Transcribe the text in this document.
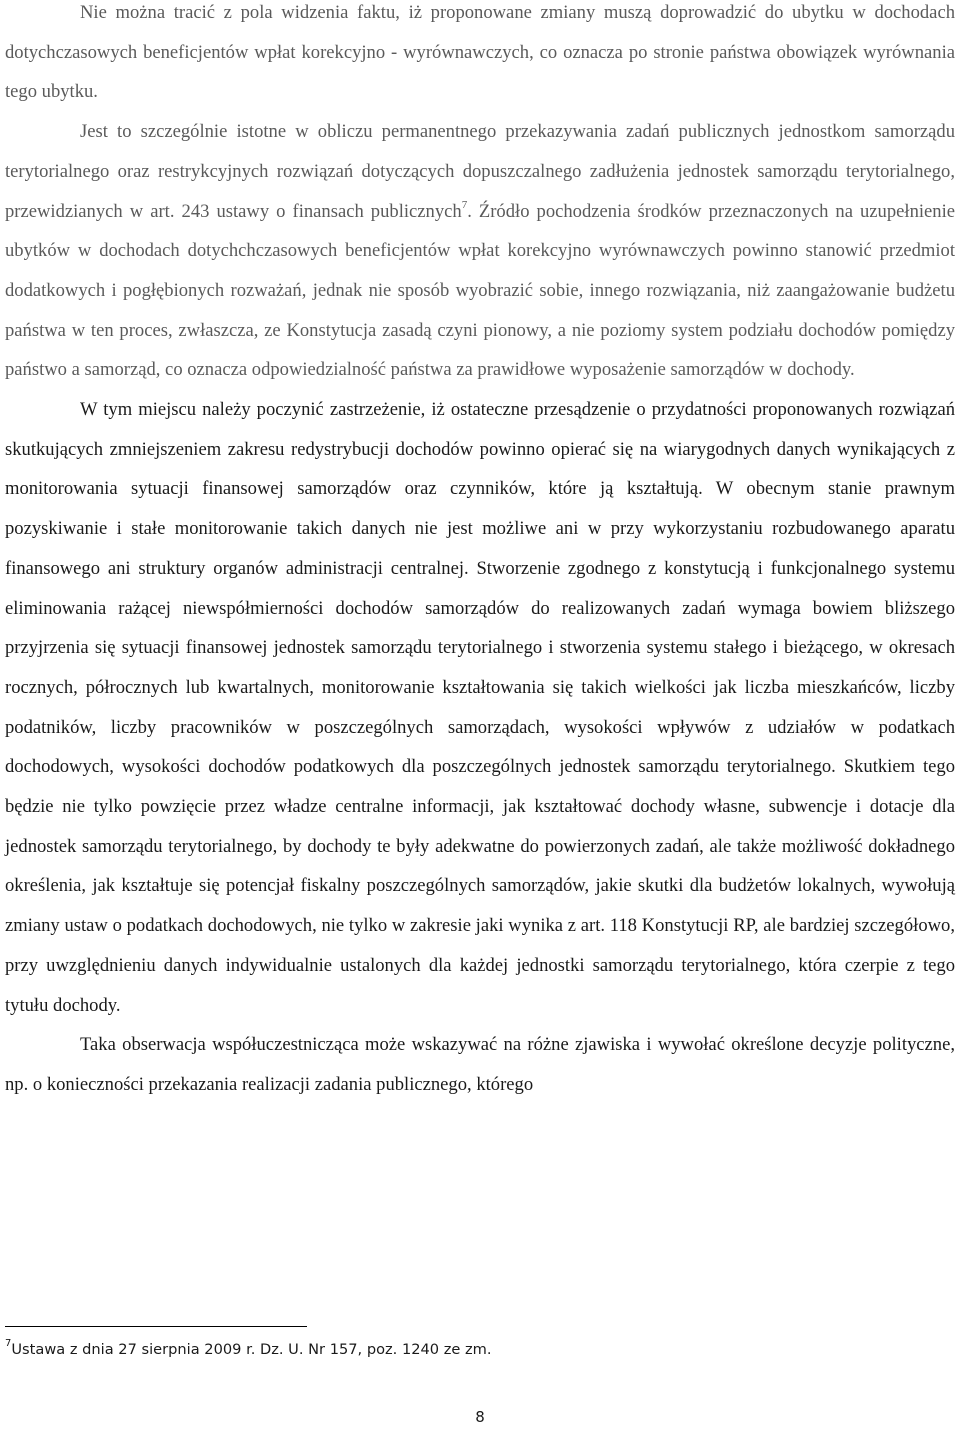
Nie można tracić z pola widzenia faktu, iż proponowane zmiany muszą doprowadzić do ubytku w dochodach dotychczasowych beneficjentów wpłat korekcyjno - wyrównawczych, co oznacza po stronie państwa obowiązek wyrównania tego ubytku.

Jest to szczególnie istotne w obliczu permanentnego przekazywania zadań publicznych jednostkom samorządu terytorialnego oraz restrykcyjnych rozwiązań dotyczących dopuszczalnego zadłużenia jednostek samorządu terytorialnego, przewidzianych w art. 243 ustawy o finansach publicznych$^7$. Źródło pochodzenia środków przeznaczonych na uzupełnienie ubytków w dochodach dotychchczasowych beneficjentów wpłat korekcyjno wyrównawczych powinno stanowić przedmiot dodatkowych i pogłębionych rozważań, jednak nie sposób wyobrazić sobie, innego rozwiązania, niż zaangażowanie budżetu państwa w ten proces, zwłaszcza, ze Konstytucja zasadą czyni pionowy, a nie poziomy system podziału dochodów pomiędzy państwo a samorząd, co oznacza odpowiedzialność państwa za prawidłowe wyposażenie samorządów w dochody.

W tym miejscu należy poczynić zastrzeżenie, iż ostateczne przesądzenie o przydatności proponowanych rozwiązań skutkujących zmniejszeniem zakresu redystrybucji dochodów powinno opierać się na wiarygodnych danych wynikających z monitorowania sytuacji finansowej samorządów oraz czynników, które ją kształtują. W obecnym stanie prawnym pozyskiwanie i stałe monitorowanie takich danych nie jest możliwe ani w przy wykorzystaniu rozbudowanego aparatu finansowego ani struktury organów administracji centralnej. Stworzenie zgodnego z konstytucją i funkcjonalnego systemu eliminowania rażącej niewspółmierności dochodów samorządów do realizowanych zadań wymaga bowiem bliższego przyjrzenia się sytuacji finansowej jednostek samorządu terytorialnego i stworzenia systemu stałego i bieżącego, w okresach rocznych, półrocznych lub kwartalnych, monitorowanie kształtowania się takich wielkości jak liczba mieszkańców, liczby podatników, liczby pracowników w poszczególnych samorządach, wysokości wpływów z udziałów w podatkach dochodowych, wysokości dochodów podatkowych dla poszczególnych jednostek samorządu terytorialnego. Skutkiem tego będzie nie tylko powzięcie przez władze centralne informacji, jak kształtować dochody własne, subwencje i dotacje dla jednostek samorządu terytorialnego, by dochody te były adekwatne do powierzonych zadań, ale także możliwość dokładnego określenia, jak kształtuje się potencjał fiskalny poszczególnych samorządów, jakie skutki dla budżetów lokalnych, wywołują zmiany ustaw o podatkach dochodowych, nie tylko w zakresie jaki wynika z art. 118 Konstytucji RP, ale bardziej szczegółowo, przy uwzględnieniu danych indywidualnie ustalonych dla każdej jednostki samorządu terytorialnego, która czerpie z tego tytułu dochody.

Taka obserwacja współuczestnicząca może wskazywać na różne zjawiska i wywołać określone decyzje polityczne, np. o konieczności przekazania realizacji zadania publicznego, którego

$^7$Ustawa z dnia 27 sierpnia 2009 r. Dz. U. Nr 157, poz. 1240 ze zm.
8
